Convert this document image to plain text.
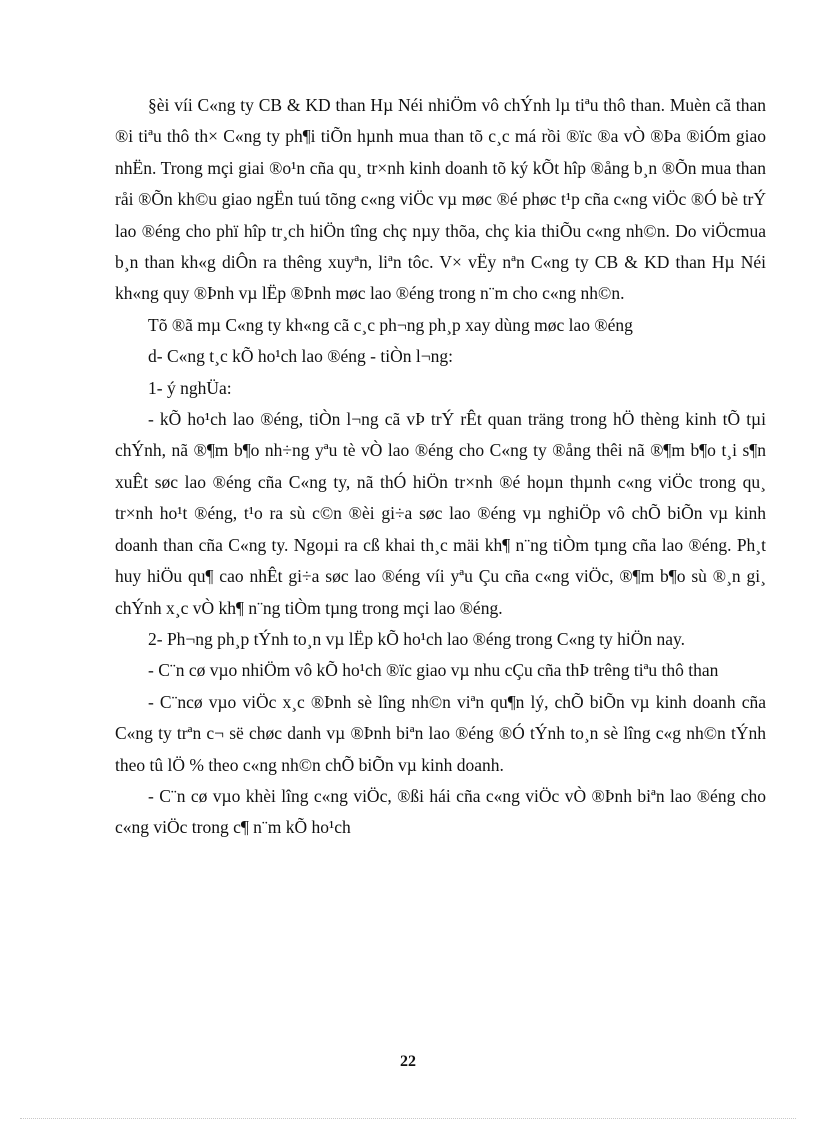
§èi víi C«ng ty CB & KD than Hµ Néi nhiÖm vô chÝnh lµ tiªu thô than. Muèn cã than ®i tiªu thô th× C«ng ty ph¶i tiÕn hµnh mua than tõ c¸c má rồi ®ïc ®a vÒ ®Þa ®iÓm giao nhËn. Trong mçi giai ®o¹n cña qu¸ tr×nh kinh doanh tõ ký kÕt hîp ®ång b¸n ®Õn mua than råi ®Õn kh©u giao ngËn tuú tõng c«ng viÖc vµ møc ®é phøc t¹p cña c«ng viÖc ®Ó bè trÝ lao ®éng cho phï hîp tr¸ch hiÖn tîng chç nµy thõa, chç kia thiÕu c«ng nh©n. Do viÖcmua b¸n than kh«g diÔn ra thêng xuyªn, liªn tôc. V× vËy nªn C«ng ty CB & KD than Hµ Néi kh«ng quy ®Þnh vµ lËp ®Þnh møc lao ®éng trong n¨m cho c«ng nh©n.

Tõ ®ã mµ C«ng ty kh«ng cã c¸c ph¬ng ph¸p xay dùng møc lao ®éng

d- C«ng t¸c kÕ ho¹ch lao ®éng - tiÒn l¬ng:

1- ý nghÜa:

- kÕ ho¹ch lao ®éng, tiÒn l¬ng cã vÞ trÝ rÊt quan träng trong hÖ thèng kinh tÕ tµi chÝnh, nã ®¶m b¶o nh÷ng yªu tè vÒ lao ®éng cho C«ng ty ®ång thêi nã ®¶m b¶o t¸i s¶n xuÊt søc lao ®éng cña C«ng ty, nã thÓ hiÖn tr×nh ®é hoµn thµnh c«ng viÖc trong qu¸ tr×nh ho¹t ®éng, t¹o ra sù c©n ®èi gi÷a søc lao ®éng vµ nghiÖp vô chÕ biÕn vµ kinh doanh than cña C«ng ty. Ngoµi ra cß khai th¸c mäi kh¶ n¨ng tiÒm tµng cña lao ®éng. Ph¸t huy hiÖu qu¶ cao nhÊt gi÷a søc lao ®éng víi yªu Çu cña c«ng viÖc, ®¶m b¶o sù ®¸n gi¸ chÝnh x¸c vÒ kh¶ n¨ng tiÒm tµng trong mçi lao ®éng.

2- Ph¬ng ph¸p tÝnh to¸n vµ lËp kÕ ho¹ch lao ®éng trong C«ng ty hiÖn nay.

- C¨n cø vµo nhiÖm vô kÕ ho¹ch ®ïc giao vµ nhu cÇu cña thÞ trêng tiªu thô than

- C¨ncø vµo viÖc x¸c ®Þnh sè lîng nh©n viªn qu¶n lý, chÕ biÕn vµ kinh doanh cña C«ng ty trªn c¬ së chøc danh vµ ®Þnh biªn lao ®éng ®Ó tÝnh to¸n sè lîng c«g nh©n tÝnh theo tû lÖ % theo c«ng nh©n chÕ biÕn vµ kinh doanh.

- C¨n cø vµo khèi lîng c«ng viÖc, ®ßi hái cña c«ng viÖc vÒ ®Þnh biªn lao ®éng cho c«ng viÖc trong c¶ n¨m kÕ ho¹ch

22
